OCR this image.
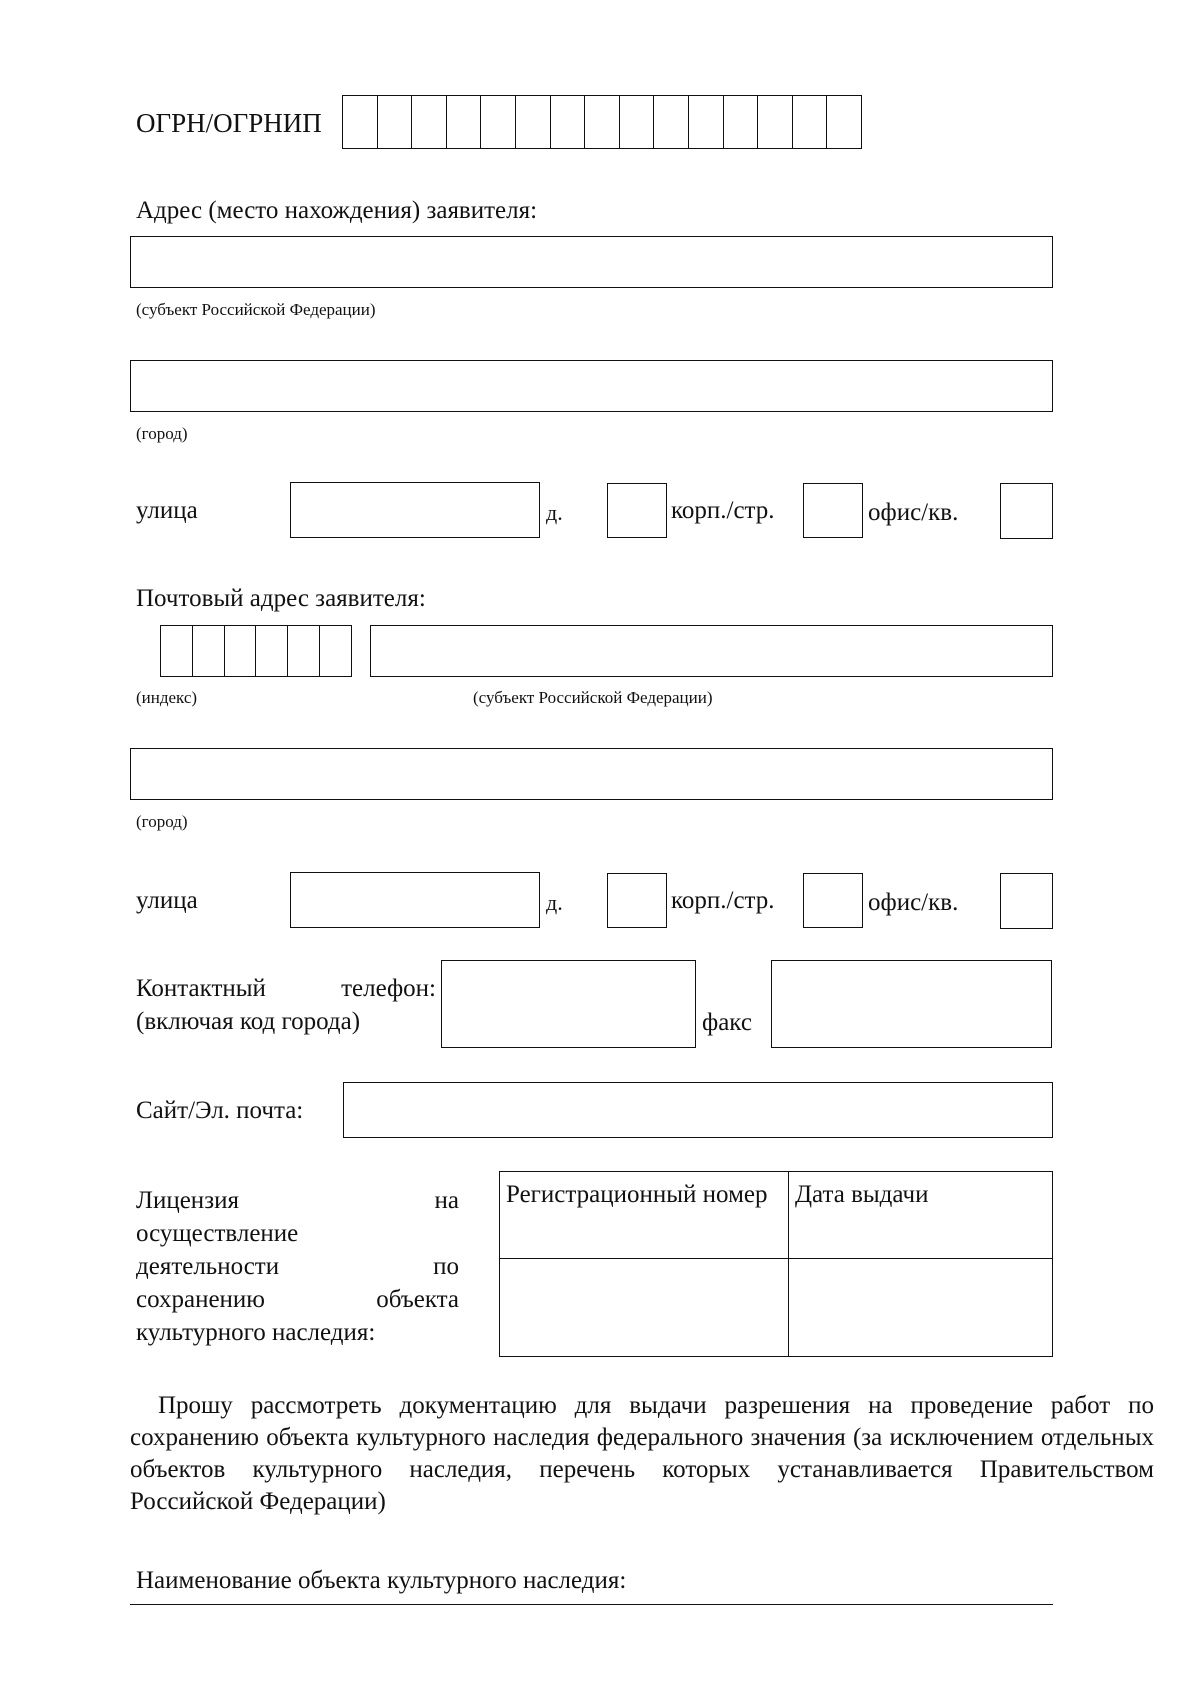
ОГРН/ОГРНИП
Адрес (место нахождения) заявителя:
(субъект Российской Федерации)
(город)
улица	д.	корп./стр.	офис/кв.
Почтовый адрес заявителя:
(индекс)	(субъект Российской Федерации)
(город)
улица	д.	корп./стр.	офис/кв.
Контактный	телефон:
(включая код города)	факс
Сайт/Эл. почта:
Лицензия	на
осуществление
деятельности	по
сохранению	объекта
культурного наследия:
Регистрационный номер	Дата выдачи

Прошу рассмотреть документацию для выдачи разрешения на проведение работ по сохранению объекта культурного наследия федерального значения (за исключением отдельных объектов культурного наследия, перечень которых устанавливается Правительством Российской Федерации)
Наименование объекта культурного наследия:
